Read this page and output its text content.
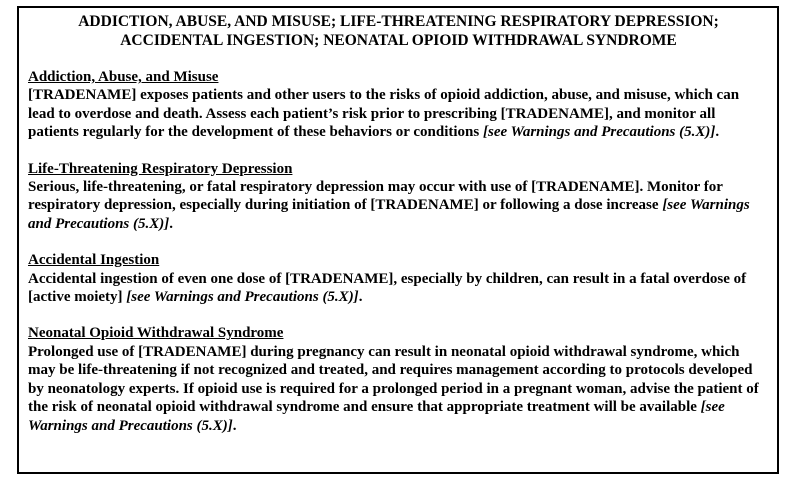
ADDICTION, ABUSE, AND MISUSE; LIFE-THREATENING RESPIRATORY DEPRESSION;
ACCIDENTAL INGESTION; NEONATAL OPIOID WITHDRAWAL SYNDROME

Addiction, Abuse, and Misuse

[TRADENAME] exposes patients and other users to the risks of opioid addiction, abuse, and misuse, which can lead to overdose and death. Assess each patient’s risk prior to prescribing [TRADENAME], and monitor all patients regularly for the development of these behaviors or conditions [see Warnings and Precautions (5.X)].

Life-Threatening Respiratory Depression

Serious, life-threatening, or fatal respiratory depression may occur with use of [TRADENAME]. Monitor for respiratory depression, especially during initiation of [TRADENAME] or following a dose increase [see Warnings and Precautions (5.X)].

Accidental Ingestion

Accidental ingestion of even one dose of [TRADENAME], especially by children, can result in a fatal overdose of [active moiety] [see Warnings and Precautions (5.X)].

Neonatal Opioid Withdrawal Syndrome

Prolonged use of [TRADENAME] during pregnancy can result in neonatal opioid withdrawal syndrome, which may be life-threatening if not recognized and treated, and requires management according to protocols developed by neonatology experts. If opioid use is required for a prolonged period in a pregnant woman, advise the patient of the risk of neonatal opioid withdrawal syndrome and ensure that appropriate treatment will be available [see Warnings and Precautions (5.X)].
